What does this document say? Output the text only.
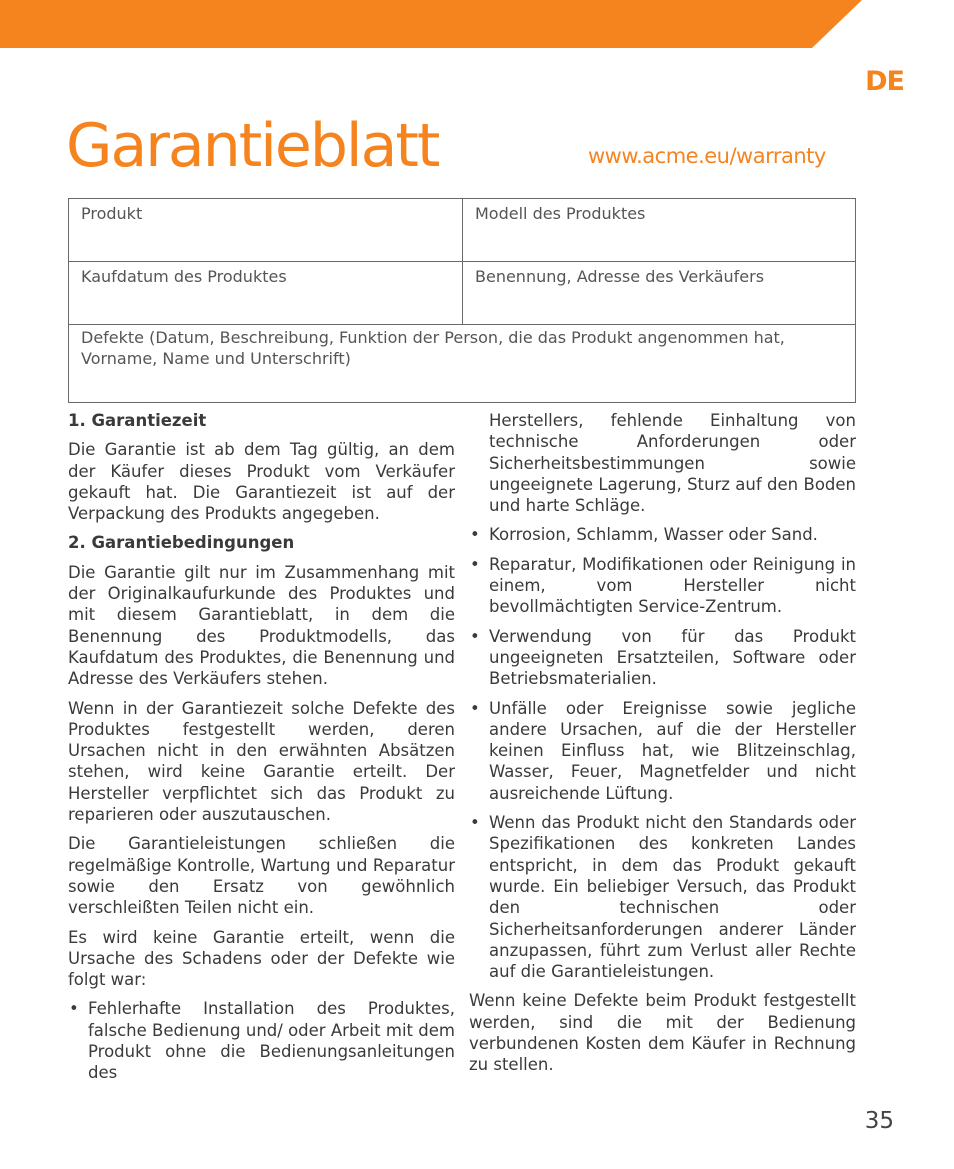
DE
Garantieblatt	www.acme.eu/warranty
Produkt	Modell des Produktes
Kaufdatum des Produktes	Benennung, Adresse des Verkäufers
Defekte (Datum, Beschreibung, Funktion der Person, die das Produkt angenommen hat, Vorname, Name und Unterschrift)
1. Garantiezeit

Die Garantie ist ab dem Tag gültig, an dem der Käufer dieses Produkt vom Verkäufer gekauft hat. Die Garantiezeit ist auf der Verpackung des Produkts angegeben.

2. Garantiebedingungen

Die Garantie gilt nur im Zusammenhang mit der Originalkaufurkunde des Produktes und mit diesem Garantieblatt, in dem die Benennung des Produktmodells, das Kaufdatum des Produktes, die Benennung und Adresse des Verkäufers stehen.

Wenn in der Garantiezeit solche Defekte des Produktes festgestellt werden, deren Ursachen nicht in den erwähnten Absätzen stehen, wird keine Garantie erteilt. Der Hersteller verpflichtet sich das Produkt zu reparieren oder auszutauschen.

Die Garantieleistungen schließen die regelmäßige Kontrolle, Wartung und Reparatur sowie den Ersatz von gewöhnlich verschleißten Teilen nicht ein.

Es wird keine Garantie erteilt, wenn die Ursache des Schadens oder der Defekte wie folgt war:

• Fehlerhafte Installation des Produktes, falsche Bedienung und/ oder Arbeit mit dem Produkt ohne die Bedienungsanleitungen des

Herstellers, fehlende Einhaltung von technische Anforderungen oder Sicherheitsbestimmungen sowie ungeeignete Lagerung, Sturz auf den Boden und harte Schläge.

• Korrosion, Schlamm, Wasser oder Sand.
• Reparatur, Modifikationen oder Reinigung in einem, vom Hersteller nicht bevollmächtigten Service-Zentrum.
• Verwendung von für das Produkt ungeeigneten Ersatzteilen, Software oder Betriebsmaterialien.
• Unfälle oder Ereignisse sowie jegliche andere Ursachen, auf die der Hersteller keinen Einfluss hat, wie Blitzeinschlag, Wasser, Feuer, Magnetfelder und nicht ausreichende Lüftung.
• Wenn das Produkt nicht den Standards oder Spezifikationen des konkreten Landes entspricht, in dem das Produkt gekauft wurde. Ein beliebiger Versuch, das Produkt den technischen oder Sicherheitsanforderungen anderer Länder anzupassen, führt zum Verlust aller Rechte auf die Garantieleistungen.

Wenn keine Defekte beim Produkt festgestellt werden, sind die mit der Bedienung verbundenen Kosten dem Käufer in Rechnung zu stellen.

35
